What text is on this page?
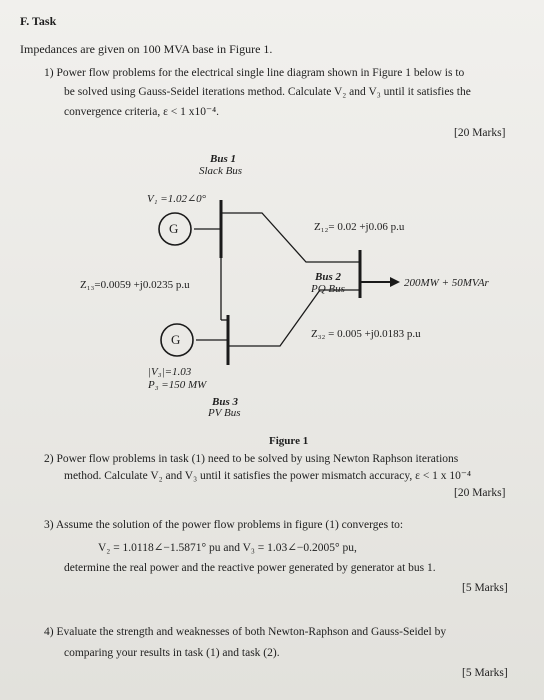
F. Task
Impedances are given on 100 MVA base in Figure 1.
1) Power flow problems for the electrical single line diagram shown in Figure 1 below is to
be solved using Gauss-Seidel iterations method. Calculate V₂ and V₃ until it satisfies the
convergence criteria, ε < 1 x10⁻⁴.
[20 Marks]
G
G
Bus 1
Slack Bus
V₁ =1.02∠0°
Z₁₂= 0.02 +j0.06 p.u
Z₁₃=0.0059 +j0.0235 p.u
Bus 2
PQ Bus	200MW + 50MVAr
Z₃₂ = 0.005 +j0.0183 p.u
|V₃|=1.03
P₃ =150 MW
Bus 3
PV Bus
Figure 1
2) Power flow problems in task (1) need to be solved by using Newton Raphson iterations
method. Calculate V₂ and V₃ until it satisfies the power mismatch accuracy, ε < 1 x 10⁻⁴
[20 Marks]
3) Assume the solution of the power flow problems in figure (1) converges to:
V₂ = 1.0118∠−1.5871° pu and V₃ = 1.03∠−0.2005° pu,
determine the real power and the reactive power generated by generator at bus 1.
[5 Marks]
4) Evaluate the strength and weaknesses of both Newton-Raphson and Gauss-Seidel by
comparing your results in task (1) and task (2).
[5 Marks]
